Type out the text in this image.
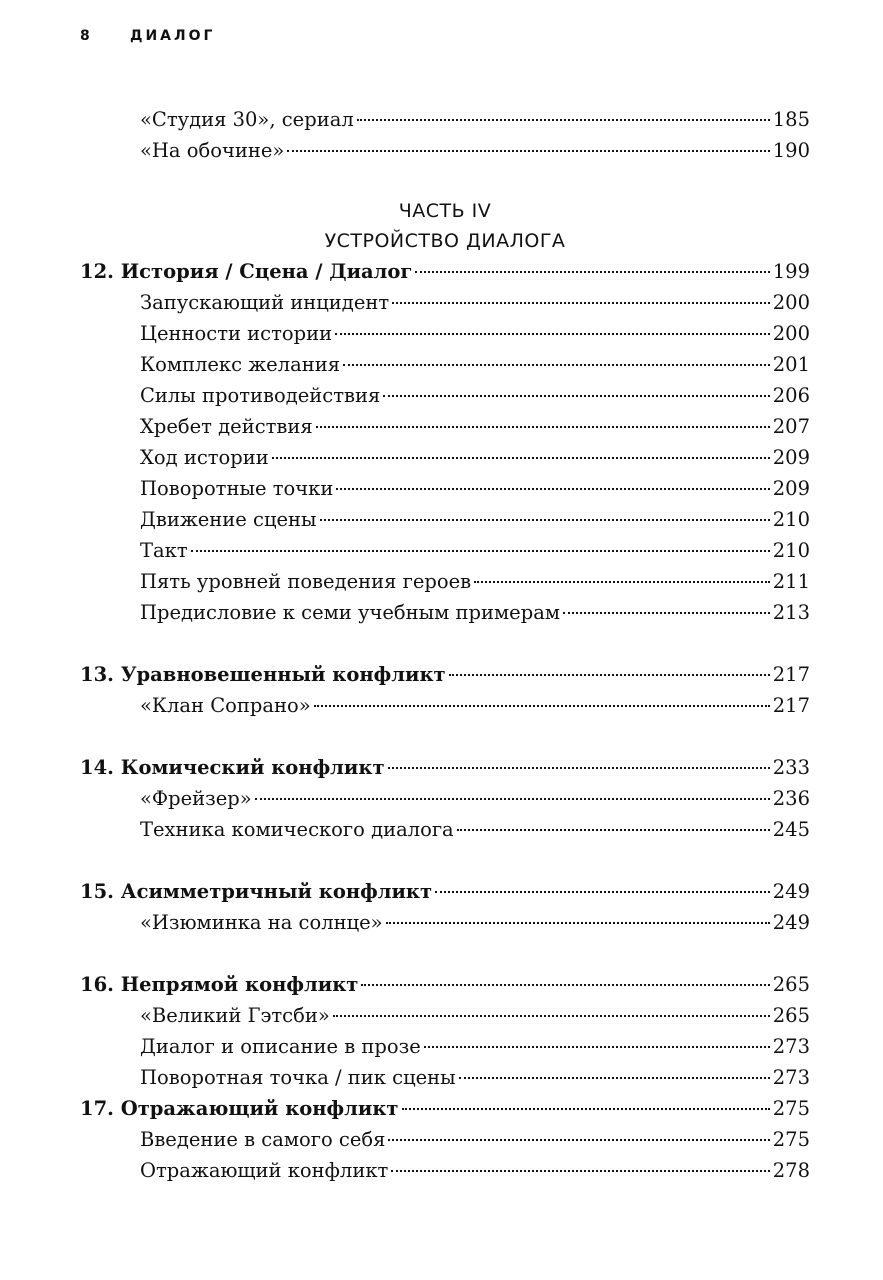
8	ДИАЛОГ
«Студия 30», сериал	185
«На обочине»	190
ЧАСТЬ IV
УСТРОЙСТВО ДИАЛОГА
12. История / Сцена / Диалог	199
Запускающий инцидент	200
Ценности истории	200
Комплекс желания	201
Силы противодействия	206
Хребет действия	207
Ход истории	209
Поворотные точки	209
Движение сцены	210
Такт	210
Пять уровней поведения героев	211
Предисловие к семи учебным примерам	213
13. Уравновешенный конфликт	217
«Клан Сопрано»	217
14. Комический конфликт	233
«Фрейзер»	236
Техника комического диалога	245
15. Асимметричный конфликт	249
«Изюминка на солнце»	249
16. Непрямой конфликт	265
«Великий Гэтсби»	265
Диалог и описание в прозе	273
Поворотная точка / пик сцены	273
17. Отражающий конфликт	275
Введение в самого себя	275
Отражающий конфликт	278
